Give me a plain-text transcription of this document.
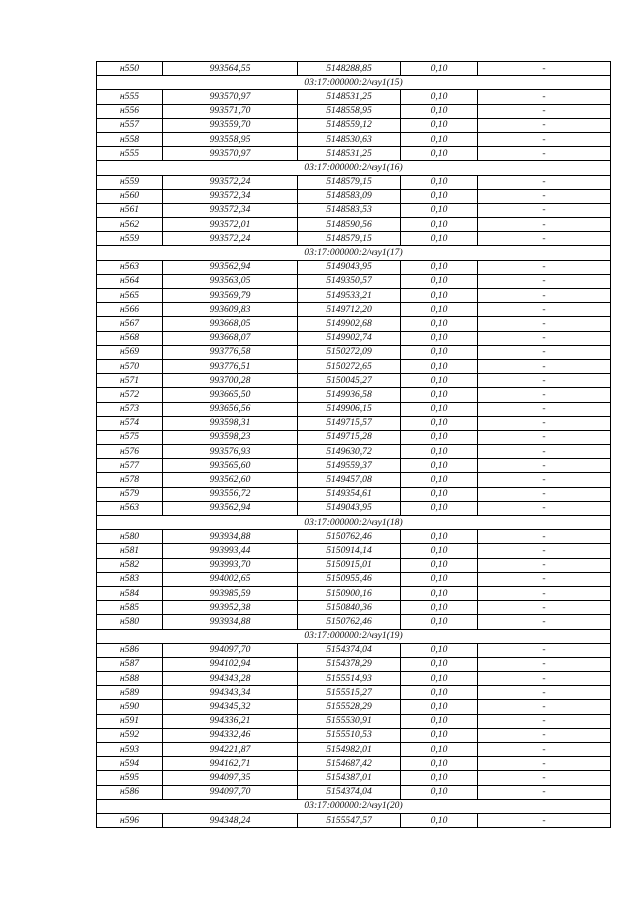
н550	993564,55	5148288,85	0,10	-
03:17:000000:2/чзу1(15)				
н555	993570,97	5148531,25	0,10	-
н556	993571,70	5148558,95	0,10	-
н557	993559,70	5148559,12	0,10	-
н558	993558,95	5148530,63	0,10	-
н555	993570,97	5148531,25	0,10	-
03:17:000000:2/чзу1(16)				
н559	993572,24	5148579,15	0,10	-
н560	993572,34	5148583,09	0,10	-
н561	993572,34	5148583,53	0,10	-
н562	993572,01	5148590,56	0,10	-
н559	993572,24	5148579,15	0,10	-
03:17:000000:2/чзу1(17)				
н563	993562,94	5149043,95	0,10	-
н564	993563,05	5149350,57	0,10	-
н565	993569,79	5149533,21	0,10	-
н566	993609,83	5149712,20	0,10	-
н567	993668,05	5149902,68	0,10	-
н568	993668,07	5149902,74	0,10	-
н569	993776,58	5150272,09	0,10	-
н570	993776,51	5150272,65	0,10	-
н571	993700,28	5150045,27	0,10	-
н572	993665,50	5149936,58	0,10	-
н573	993656,56	5149906,15	0,10	-
н574	993598,31	5149715,57	0,10	-
н575	993598,23	5149715,28	0,10	-
н576	993576,93	5149630,72	0,10	-
н577	993565,60	5149559,37	0,10	-
н578	993562,60	5149457,08	0,10	-
н579	993556,72	5149354,61	0,10	-
н563	993562,94	5149043,95	0,10	-
03:17:000000:2/чзу1(18)				
н580	993934,88	5150762,46	0,10	-
н581	993993,44	5150914,14	0,10	-
н582	993993,70	5150915,01	0,10	-
н583	994002,65	5150955,46	0,10	-
н584	993985,59	5150900,16	0,10	-
н585	993952,38	5150840,36	0,10	-
н580	993934,88	5150762,46	0,10	-
03:17:000000:2/чзу1(19)				
н586	994097,70	5154374,04	0,10	-
н587	994102,94	5154378,29	0,10	-
н588	994343,28	5155514,93	0,10	-
н589	994343,34	5155515,27	0,10	-
н590	994345,32	5155528,29	0,10	-
н591	994336,21	5155530,91	0,10	-
н592	994332,46	5155510,53	0,10	-
н593	994221,87	5154982,01	0,10	-
н594	994162,71	5154687,42	0,10	-
н595	994097,35	5154387,01	0,10	-
н586	994097,70	5154374,04	0,10	-
03:17:000000:2/чзу1(20)				
н596	994348,24	5155547,57	0,10	-
